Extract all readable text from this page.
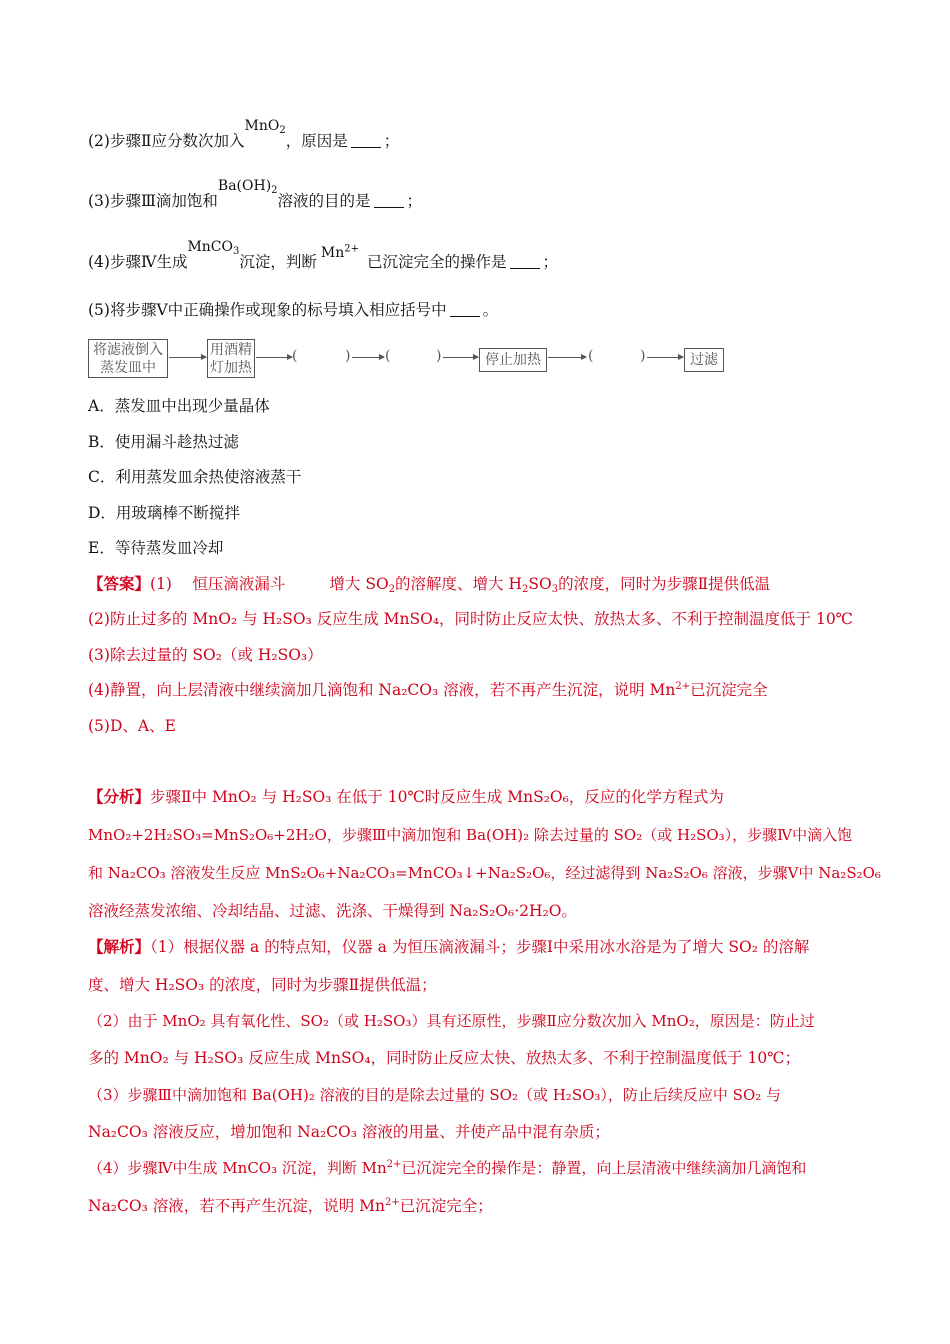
(2)步骤Ⅱ应分数次加入MnO$_2$，原因是 ；
(3)步骤Ⅲ滴加饱和$Ba(OH)_2$溶液的目的是 ；
(4)步骤Ⅳ生成MnCO$_3$沉淀，判断 $Mn^{2+}$已沉淀完全的操作是 ；
(5)将步骤Ⅴ中正确操作或现象的标号填入相应括号中 。
将滤液倒入
蒸发皿中
用酒精
灯加热
(	) (	)	停止加热	(	)	过滤
A．蒸发皿中出现少量晶体
B．使用漏斗趁热过滤
C．利用蒸发皿余热使溶液蒸干
D．用玻璃棒不断搅拌
E．等待蒸发皿冷却
【答案】(1)　 恒压滴液漏斗	增大 $SO_2$的溶解度、增大 $H_2SO_3$的浓度，同时为步骤Ⅱ提供低温
(2)防止过多的 MnO₂ 与 H₂SO₃ 反应生成 MnSO₄，同时防止反应太快、放热太多、不利于控制温度低于 10℃
(3)除去过量的 SO₂（或 H₂SO₃）
(4)静置，向上层清液中继续滴加几滴饱和 Na₂CO₃ 溶液，若不再产生沉淀，说明 $Mn^{2+}$已沉淀完全
(5)D、A、E
【分析】步骤Ⅱ中 MnO₂ 与 H₂SO₃ 在低于 10℃时反应生成 MnS₂O₆，反应的化学方程式为
MnO₂+2H₂SO₃=MnS₂O₆+2H₂O，步骤Ⅲ中滴加饱和 Ba(OH)₂ 除去过量的 SO₂（或 H₂SO₃），步骤Ⅳ中滴入饱
和 Na₂CO₃ 溶液发生反应 MnS₂O₆+Na₂CO₃=MnCO₃↓+Na₂S₂O₆，经过滤得到 Na₂S₂O₆ 溶液，步骤Ⅴ中 Na₂S₂O₆
溶液经蒸发浓缩、冷却结晶、过滤、洗涤、干燥得到 Na₂S₂O₆·2H₂O。
【解析】（1）根据仪器 a 的特点知，仪器 a 为恒压滴液漏斗；步骤Ⅰ中采用冰水浴是为了增大 SO₂ 的溶解
度、增大 H₂SO₃ 的浓度，同时为步骤Ⅱ提供低温；
（2）由于 MnO₂ 具有氧化性、SO₂（或 H₂SO₃）具有还原性，步骤Ⅱ应分数次加入 MnO₂，原因是：防止过
多的 MnO₂ 与 H₂SO₃ 反应生成 MnSO₄，同时防止反应太快、放热太多、不利于控制温度低于 10℃；
（3）步骤Ⅲ中滴加饱和 Ba(OH)₂ 溶液的目的是除去过量的 SO₂（或 H₂SO₃），防止后续反应中 SO₂ 与
Na₂CO₃ 溶液反应，增加饱和 Na₂CO₃ 溶液的用量、并使产品中混有杂质；
（4）步骤Ⅳ中生成 MnCO₃ 沉淀，判断 $Mn^{2+}$已沉淀完全的操作是：静置，向上层清液中继续滴加几滴饱和
Na₂CO₃ 溶液，若不再产生沉淀，说明 $Mn^{2+}$已沉淀完全；
